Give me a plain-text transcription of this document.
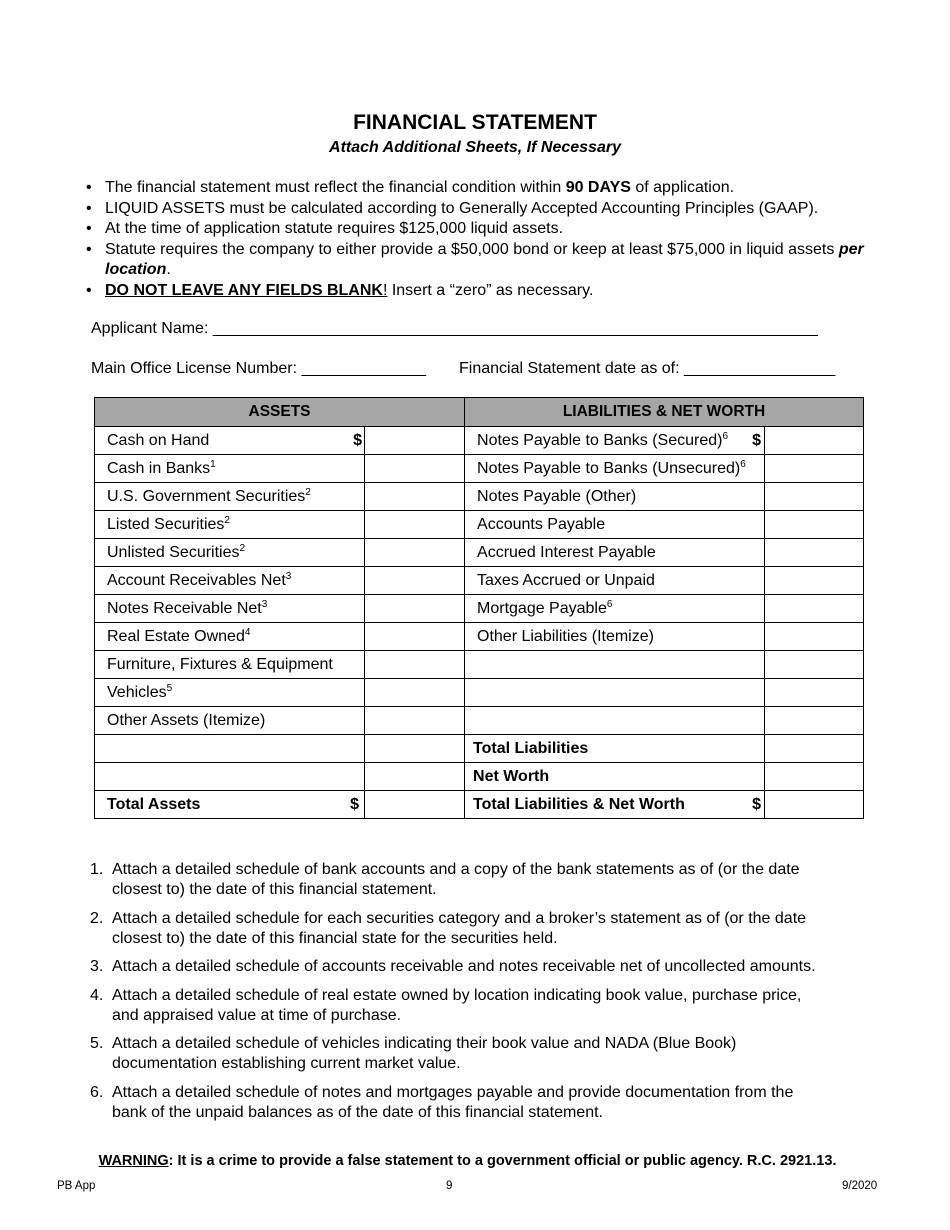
FINANCIAL STATEMENT
Attach Additional Sheets, If Necessary
• The financial statement must reflect the financial condition within 90 DAYS of application.
• LIQUID ASSETS must be calculated according to Generally Accepted Accounting Principles (GAAP).
• At the time of application statute requires $125,000 liquid assets.
• Statute requires the company to either provide a $50,000 bond or keep at least $75,000 in liquid assets per location.
• DO NOT LEAVE ANY FIELDS BLANK! Insert a “zero” as necessary.
Applicant Name: ____________________________________________________________________
Main Office License Number: ______________ Financial Statement date as of: _________________
ASSETS		LIABILITIES & NET WORTH	
Cash on Hand $		Notes Payable to Banks (Secured)$^6$ $	

Cash in Banks$^1$		Notes Payable to Banks (Unsecured)$^6$	
U.S. Government Securities$^2$		Notes Payable (Other)	
Listed Securities$^2$		Accounts Payable	
Unlisted Securities$^2$		Accrued Interest Payable	
Account Receivables Net$^3$		Taxes Accrued or Unpaid	
Notes Receivable Net$^3$		Mortgage Payable$^6$	
Real Estate Owned$^4$		Other Liabilities (Itemize)	
Furniture, Fixtures & Equipment			
Vehicles$^5$			
Other Assets (Itemize)			
		Total Liabilities	
		Net Worth	
Total Assets $		Total Liabilities & Net Worth $	

1. Attach a detailed schedule of bank accounts and a copy of the bank statements as of (or the date closest to) the date of this financial statement.
2. Attach a detailed schedule for each securities category and a broker’s statement as of (or the date closest to) the date of this financial state for the securities held.
3. Attach a detailed schedule of accounts receivable and notes receivable net of uncollected amounts.
4. Attach a detailed schedule of real estate owned by location indicating book value, purchase price, and appraised value at time of purchase.
5. Attach a detailed schedule of vehicles indicating their book value and NADA (Blue Book) documentation establishing current market value.
6. Attach a detailed schedule of notes and mortgages payable and provide documentation from the bank of the unpaid balances as of the date of this financial statement.
WARNING: It is a crime to provide a false statement to a government official or public agency. R.C. 2921.13.
PB App	9	9/2020
